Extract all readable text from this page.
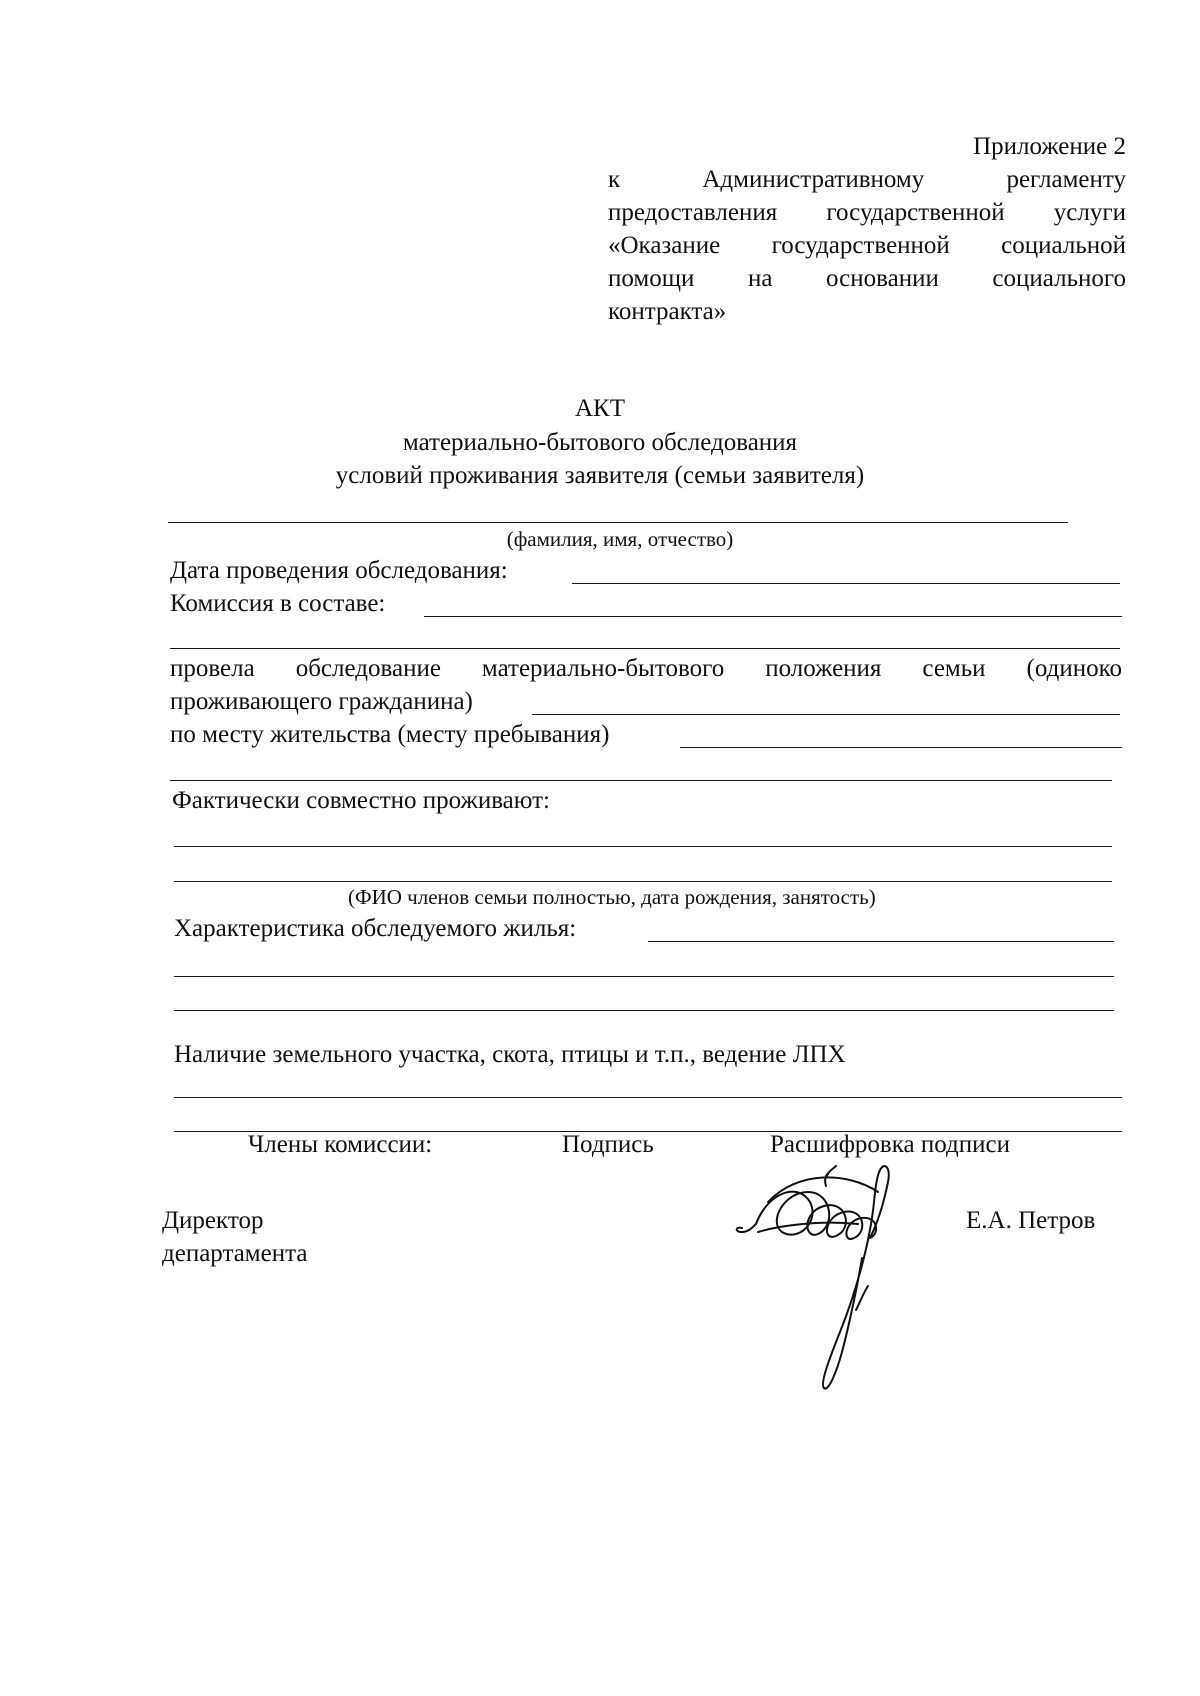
Приложение 2
к Административному регламенту
предоставления государственной услуги
«Оказание государственной социальной
помощи на основании социального
контракта»
АКТ
материально-бытового обследования
условий проживания заявителя (семьи заявителя)
(фамилия, имя, отчество)
Дата проведения обследования:
Комиссия в составе:
провела обследование материально-бытового положения семьи (одиноко
проживающего гражданина)
по месту жительства (месту пребывания)
Фактически совместно проживают:
(ФИО членов семьи полностью, дата рождения, занятость)
Характеристика обследуемого жилья:
Наличие земельного участка, скота, птицы и т.п., ведение ЛПХ
Члены комиссии:	Подпись	Расшифровка подписи
Директор
департамента
Е.А. Петров
